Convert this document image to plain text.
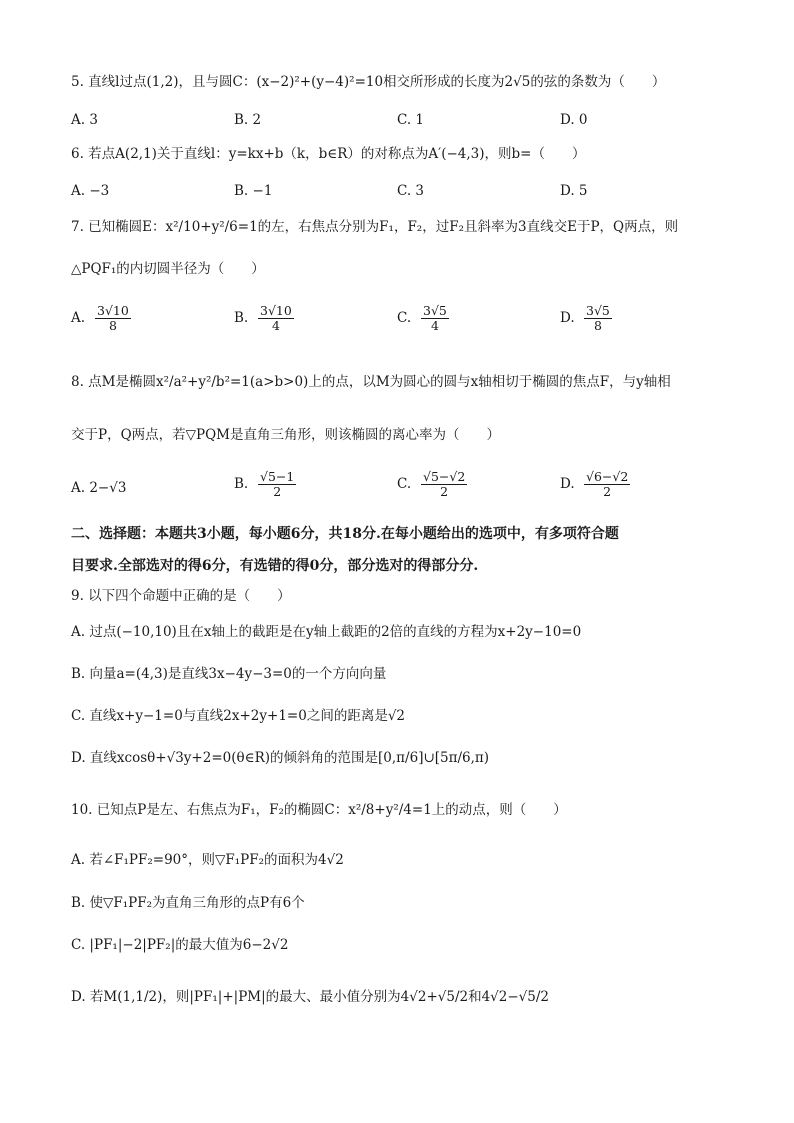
5. 直线l过点(1,2)，且与圆C：(x−2)²+(y−4)²=10相交所形成的长度为2√5的弦的条数为（　　）
A. 3	B. 2	C. 1	D. 0
6. 若点A(2,1)关于直线l：y=kx+b（k，b∈R）的对称点为A′(−4,3)，则b=（　　）
A. −3	B. −1	C. 3	D. 5
7. 已知椭圆E：x²/10+y²/6=1的左，右焦点分别为F₁，F₂，过F₂且斜率为3直线交E于P，Q两点，则
△PQF₁的内切圆半径为（　　）
A. $\frac{3√10}{8}$	B. $\frac{3√10}{4}$	C. $\frac{3√5}{4}$	D. $\frac{3√5}{8}$
8. 点M是椭圆x²/a²+y²/b²=1(a>b>0)上的点，以M为圆心的圆与x轴相切于椭圆的焦点F，与y轴相
交于P，Q两点，若▽PQM是直角三角形，则该椭圆的离心率为（　　）
A. 2−√3	B. $\frac{√5-1}{2}$	C. $\frac{√5-√2}{2}$	D. $\frac{√6-√2}{2}$
二、选择题：本题共3小题，每小题6分，共18分.在每小题给出的选项中，有多项符合题
目要求.全部选对的得6分，有选错的得0分，部分选对的得部分分.
9. 以下四个命题中正确的是（　　）
A. 过点(−10,10)且在x轴上的截距是在y轴上截距的2倍的直线的方程为x+2y−10=0
B. 向量a=(4,3)是直线3x−4y−3=0的一个方向向量
C. 直线x+y−1=0与直线2x+2y+1=0之间的距离是√2
D. 直线xcosθ+√3y+2=0(θ∈R)的倾斜角的范围是[0,π/6]∪[5π/6,π)
10. 已知点P是左、右焦点为F₁，F₂的椭圆C：x²/8+y²/4=1上的动点，则（　　）
A. 若∠F₁PF₂=90°，则▽F₁PF₂的面积为4√2
B. 使▽F₁PF₂为直角三角形的点P有6个
C. |PF₁|−2|PF₂|的最大值为6−2√2
D. 若M(1,1/2)，则|PF₁|+|PM|的最大、最小值分别为4√2+√5/2和4√2−√5/2
